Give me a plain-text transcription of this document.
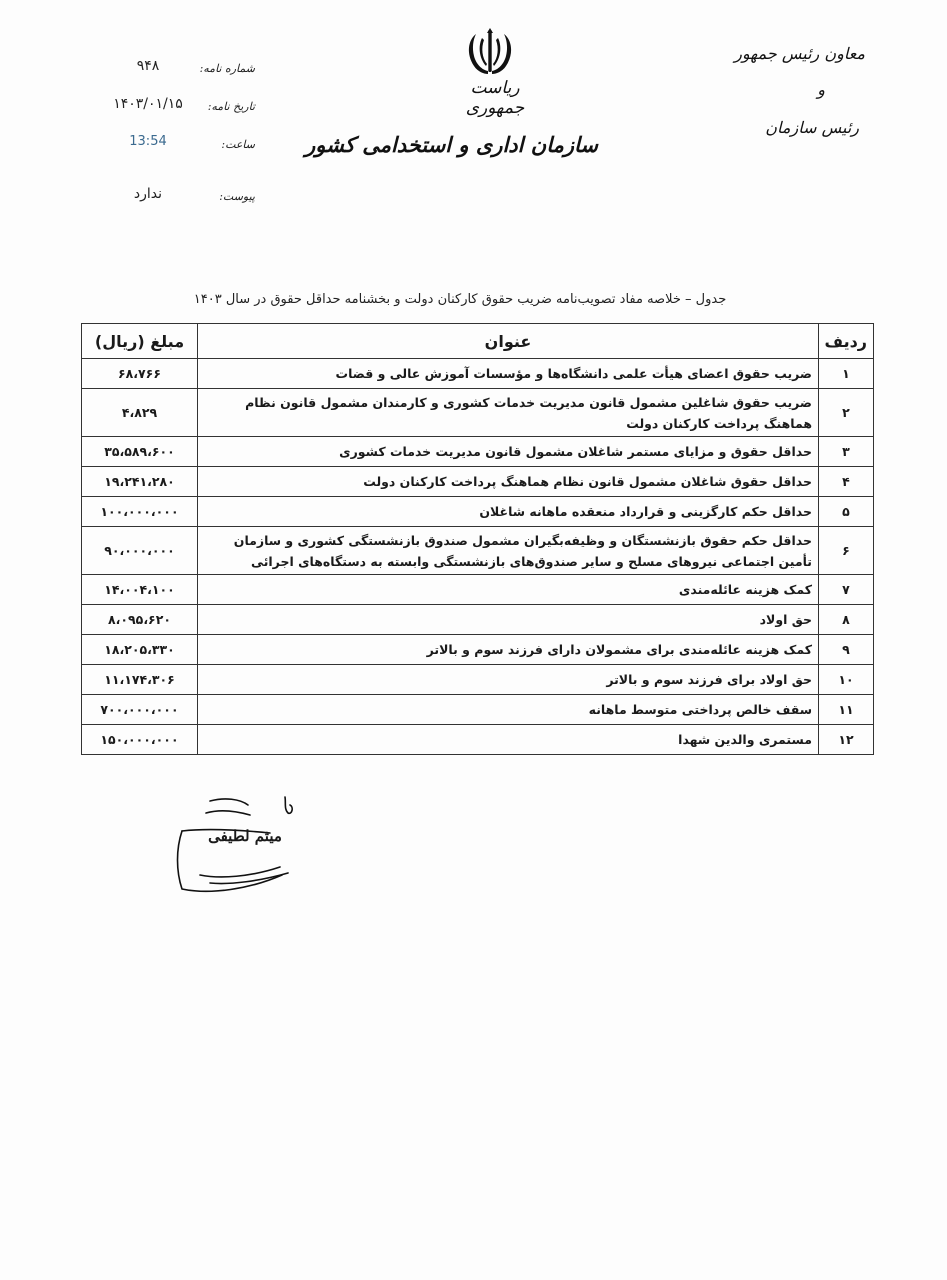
۹۴۸	شماره نامه:
۱۴۰۳/۰۱/۱۵	تاریخ نامه:
13:54	ساعت:
ندارد	پیوست:
ریاست جمهوری
سازمان اداری و استخدامی کشور
معاون رئیس جمهور
و
رئیس سازمان
جدول – خلاصه مفاد تصویب‌نامه ضریب حقوق کارکنان دولت و بخشنامه حداقل حقوق در سال ۱۴۰۳
ردیف	عنوان	مبلغ (ریال)
۱	ضریب حقوق اعضای هیأت علمی دانشگاه‌ها و مؤسسات آموزش عالی و قضات	۶۸،۷۶۶
۲	ضریب حقوق شاغلین مشمول قانون مدیریت خدمات کشوری و کارمندان مشمول قانون نظام هماهنگ پرداخت کارکنان دولت	۴،۸۲۹
۳	حداقل حقوق و مزایای مستمر شاغلان مشمول قانون مدیریت خدمات کشوری	۳۵،۵۸۹،۶۰۰
۴	حداقل حقوق شاغلان مشمول قانون نظام هماهنگ پرداخت کارکنان دولت	۱۹،۲۴۱،۲۸۰
۵	حداقل حکم کارگزینی و قرارداد منعقده ماهانه شاغلان	۱۰۰،۰۰۰،۰۰۰
۶	حداقل حکم حقوق بازنشستگان و وظیفه‌بگیران مشمول صندوق بازنشستگی کشوری و سازمان تأمین اجتماعی نیروهای مسلح و سایر صندوق‌های بازنشستگی وابسته به دستگاه‌های اجرائی	۹۰،۰۰۰،۰۰۰
۷	کمک هزینه عائله‌مندی	۱۴،۰۰۴،۱۰۰
۸	حق اولاد	۸،۰۹۵،۶۲۰
۹	کمک هزینه عائله‌مندی برای مشمولان دارای فرزند سوم و بالاتر	۱۸،۲۰۵،۳۳۰
۱۰	حق اولاد برای فرزند سوم و بالاتر	۱۱،۱۷۴،۳۰۶
۱۱	سقف خالص پرداختی متوسط ماهانه	۷۰۰،۰۰۰،۰۰۰
۱۲	مستمری والدین شهدا	۱۵۰،۰۰۰،۰۰۰
میثم لطیفی
